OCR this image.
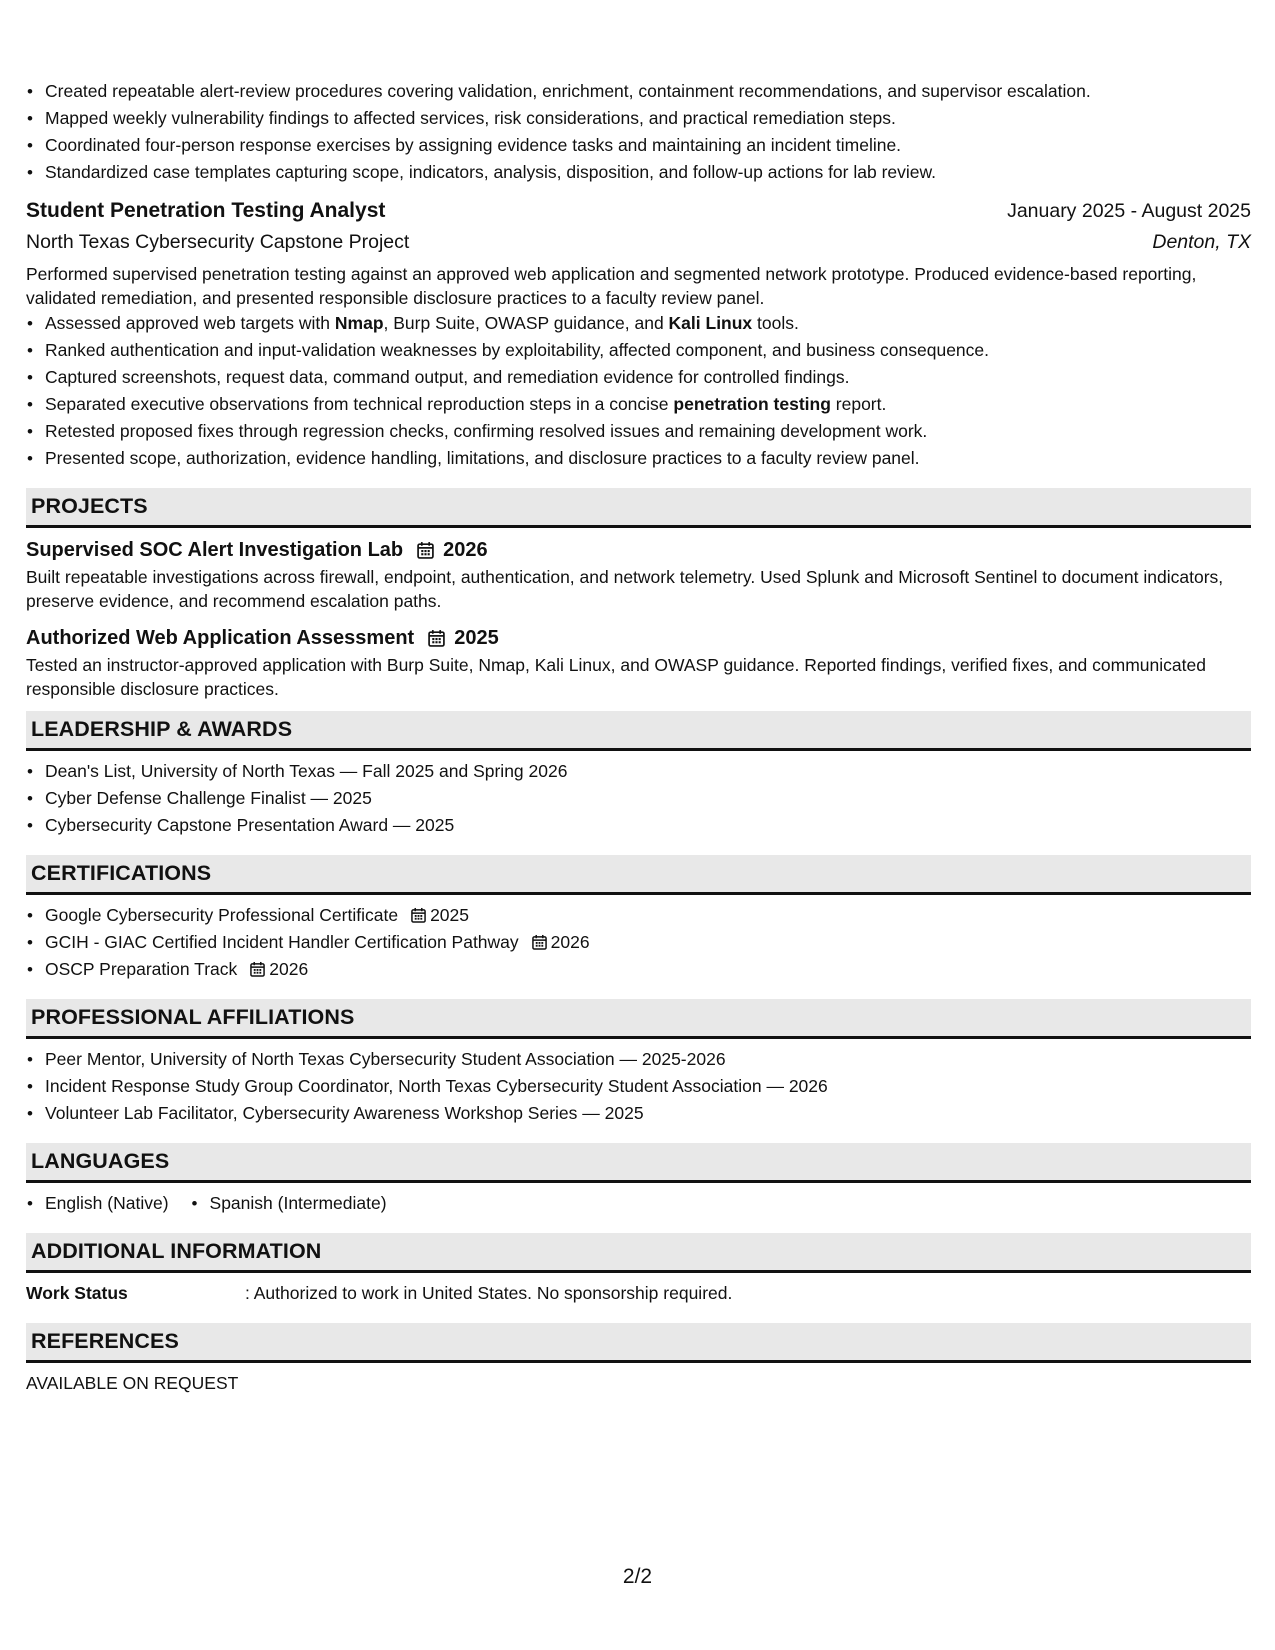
• Created repeatable alert-review procedures covering validation, enrichment, containment recommendations, and supervisor escalation.
• Mapped weekly vulnerability findings to affected services, risk considerations, and practical remediation steps.
• Coordinated four-person response exercises by assigning evidence tasks and maintaining an incident timeline.
• Standardized case templates capturing scope, indicators, analysis, disposition, and follow-up actions for lab review.
Student Penetration Testing Analyst	January 2025 - August 2025
North Texas Cybersecurity Capstone Project	Denton, TX

Performed supervised penetration testing against an approved web application and segmented network prototype. Produced evidence-based reporting, validated remediation, and presented responsible disclosure practices to a faculty review panel.

• Assessed approved web targets with Nmap, Burp Suite, OWASP guidance, and Kali Linux tools.
• Ranked authentication and input-validation weaknesses by exploitability, affected component, and business consequence.
• Captured screenshots, request data, command output, and remediation evidence for controlled findings.
• Separated executive observations from technical reproduction steps in a concise penetration testing report.
• Retested proposed fixes through regression checks, confirming resolved issues and remaining development work.
• Presented scope, authorization, evidence handling, limitations, and disclosure practices to a faculty review panel.
PROJECTS
Supervised SOC Alert Investigation Lab 2026

Built repeatable investigations across firewall, endpoint, authentication, and network telemetry. Used Splunk and Microsoft Sentinel to document indicators, preserve evidence, and recommend escalation paths.

Authorized Web Application Assessment 2025

Tested an instructor-approved application with Burp Suite, Nmap, Kali Linux, and OWASP guidance. Reported findings, verified fixes, and communicated responsible disclosure practices.

LEADERSHIP & AWARDS
• Dean's List, University of North Texas — Fall 2025 and Spring 2026
• Cyber Defense Challenge Finalist — 2025
• Cybersecurity Capstone Presentation Award — 2025
CERTIFICATIONS
• Google Cybersecurity Professional Certificate 2025
• GCIH - GIAC Certified Incident Handler Certification Pathway 2026
• OSCP Preparation Track 2026
PROFESSIONAL AFFILIATIONS
• Peer Mentor, University of North Texas Cybersecurity Student Association — 2025-2026
• Incident Response Study Group Coordinator, North Texas Cybersecurity Student Association — 2026
• Volunteer Lab Facilitator, Cybersecurity Awareness Workshop Series — 2025
LANGUAGES
• English (Native)
•	Spanish (Intermediate)
ADDITIONAL INFORMATION
Work Status	: Authorized to work in United States. No sponsorship required.
REFERENCES

AVAILABLE ON REQUEST

2/2
